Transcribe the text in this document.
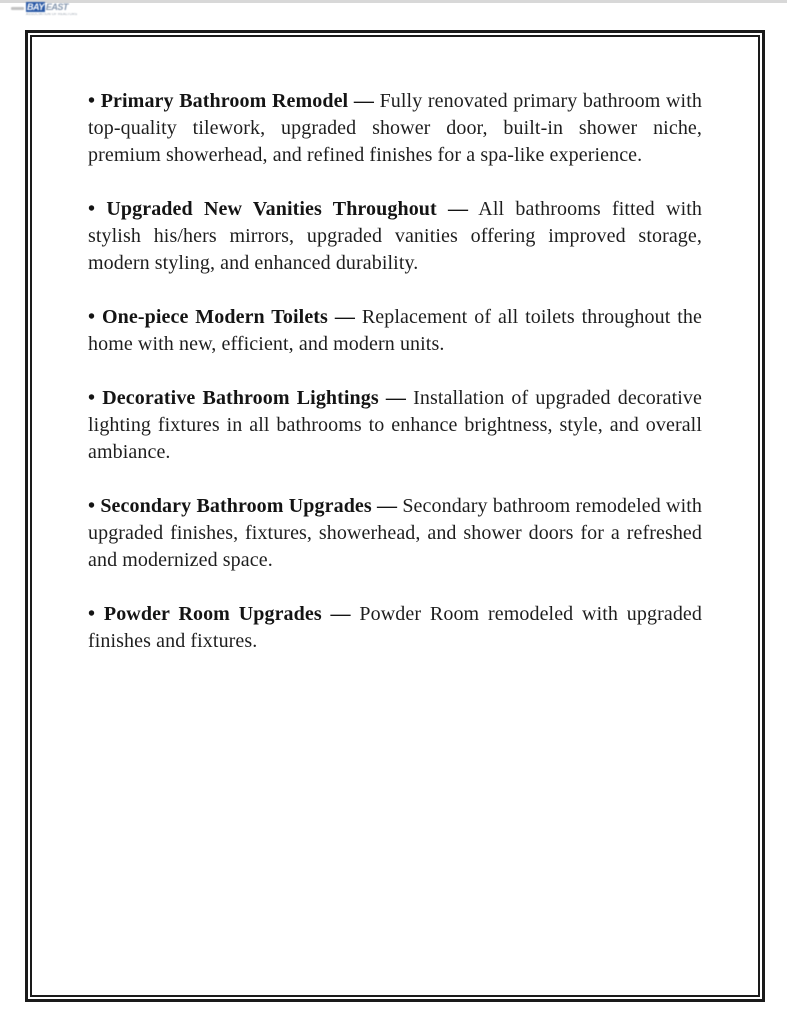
BAY EAST
ASSOCIATION OF REALTORS

• Primary Bathroom Remodel — Fully renovated primary bathroom with top-quality tilework, upgraded shower door, built-in shower niche, premium showerhead, and refined finishes for a spa-like experience.

• Upgraded New Vanities Throughout — All bathrooms fitted with stylish his/hers mirrors, upgraded vanities offering improved storage, modern styling, and enhanced durability.

• One-piece Modern Toilets — Replacement of all toilets throughout the home with new, efficient, and modern units.

• Decorative Bathroom Lightings — Installation of upgraded decorative lighting fixtures in all bathrooms to enhance brightness, style, and overall ambiance.

• Secondary Bathroom Upgrades — Secondary bathroom remodeled with upgraded finishes, fixtures, showerhead, and shower doors for a refreshed and modernized space.

• Powder Room Upgrades — Powder Room remodeled with upgraded finishes and fixtures.
